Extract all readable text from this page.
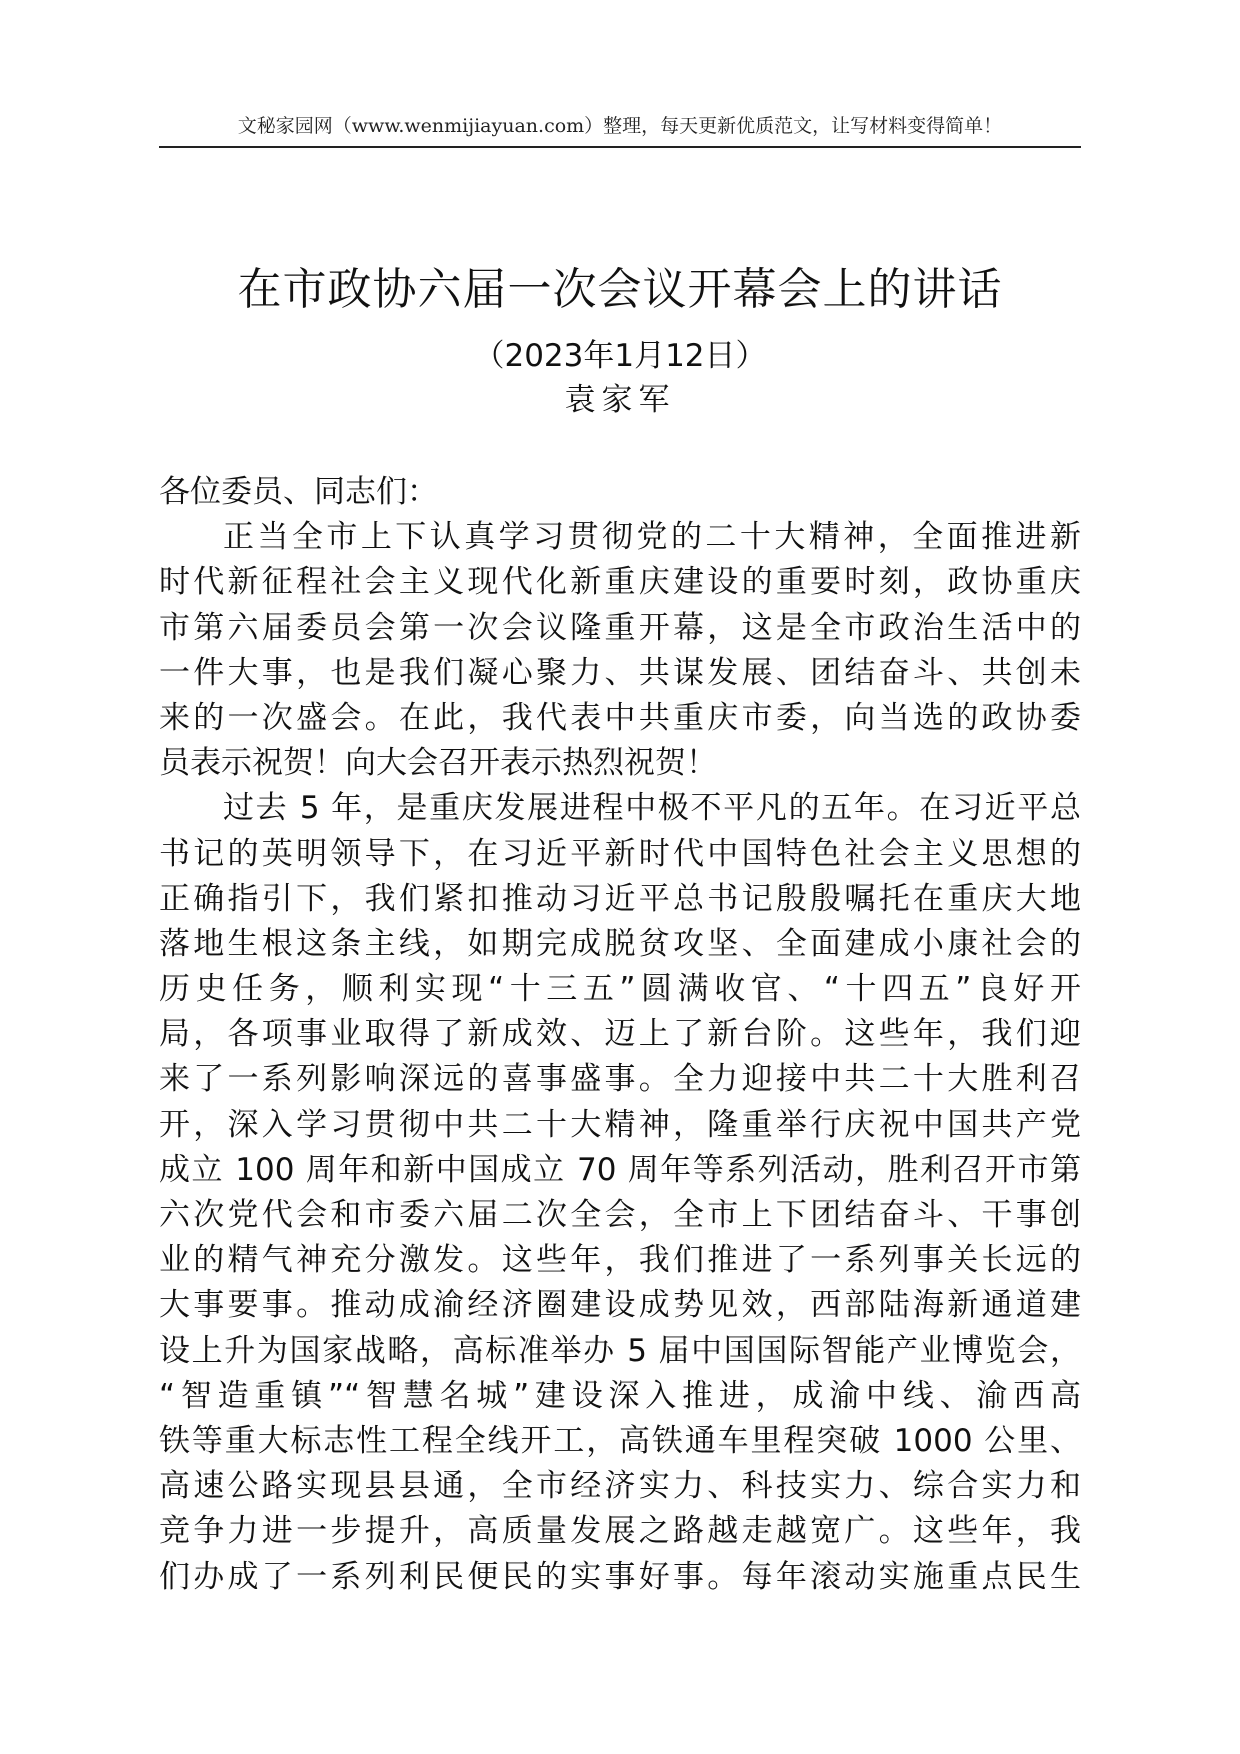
文秘家园网（www.wenmijiayuan.com）整理，每天更新优质范文，让写材料变得简单！
在市政协六届一次会议开幕会上的讲话
（2023年1月12日）
袁家军
各位委员、同志们：
正当全市上下认真学习贯彻党的二十大精神，全面推进新
时代新征程社会主义现代化新重庆建设的重要时刻，政协重庆
市第六届委员会第一次会议隆重开幕，这是全市政治生活中的
一件大事，也是我们凝心聚力、共谋发展、团结奋斗、共创未
来的一次盛会。在此，我代表中共重庆市委，向当选的政协委
员表示祝贺！向大会召开表示热烈祝贺！
过去 5 年，是重庆发展进程中极不平凡的五年。在习近平总
书记的英明领导下，在习近平新时代中国特色社会主义思想的
正确指引下，我们紧扣推动习近平总书记殷殷嘱托在重庆大地
落地生根这条主线，如期完成脱贫攻坚、全面建成小康社会的
历史任务，顺利实现“十三五”圆满收官、“十四五”良好开
局，各项事业取得了新成效、迈上了新台阶。这些年，我们迎
来了一系列影响深远的喜事盛事。全力迎接中共二十大胜利召
开，深入学习贯彻中共二十大精神，隆重举行庆祝中国共产党
成立 100 周年和新中国成立 70 周年等系列活动，胜利召开市第
六次党代会和市委六届二次全会，全市上下团结奋斗、干事创
业的精气神充分激发。这些年，我们推进了一系列事关长远的
大事要事。推动成渝经济圈建设成势见效，西部陆海新通道建
设上升为国家战略，高标准举办 5 届中国国际智能产业博览会，
“智造重镇”“智慧名城”建设深入推进，成渝中线、渝西高
铁等重大标志性工程全线开工，高铁通车里程突破 1000 公里、
高速公路实现县县通，全市经济实力、科技实力、综合实力和
竞争力进一步提升，高质量发展之路越走越宽广。这些年，我
们办成了一系列利民便民的实事好事。每年滚动实施重点民生
